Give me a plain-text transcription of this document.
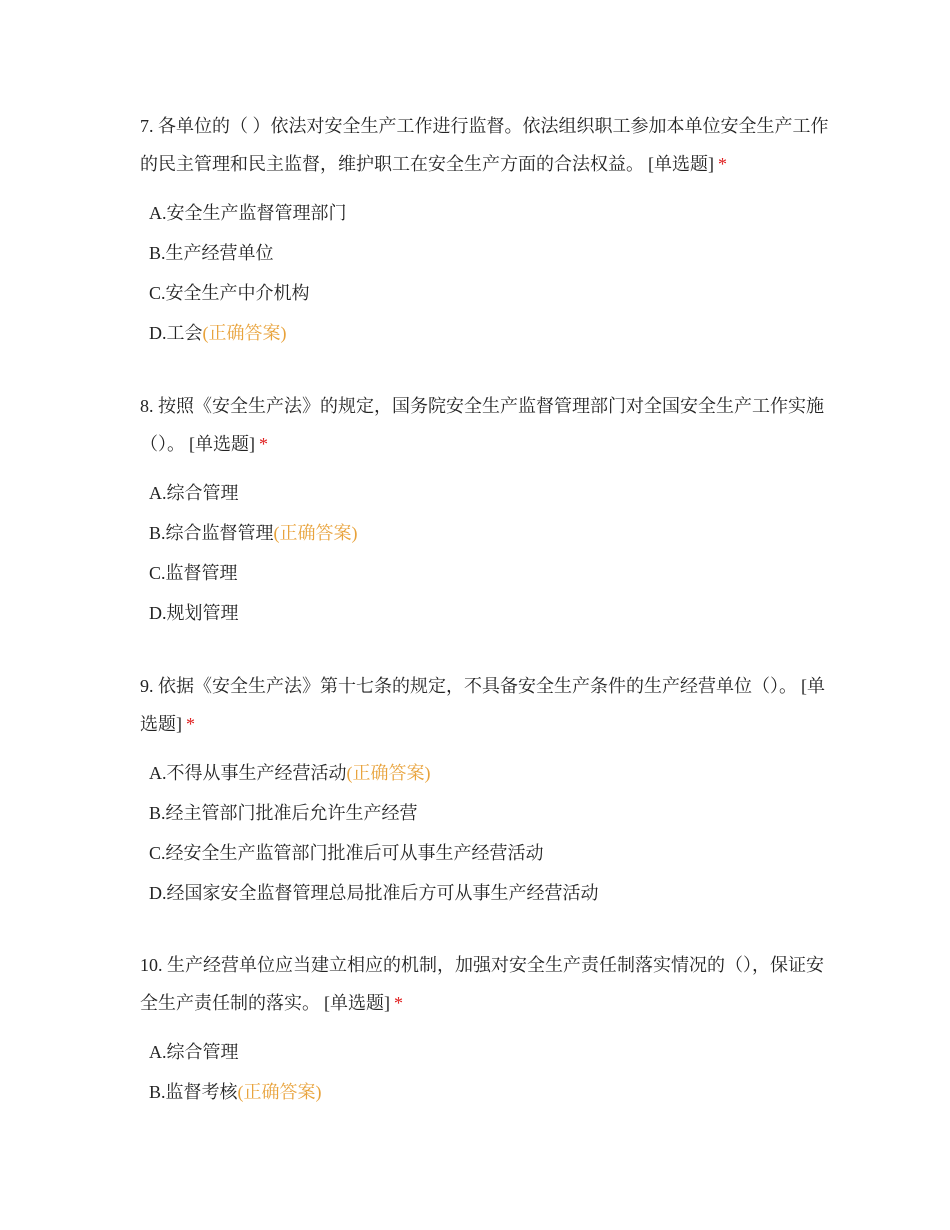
7. 各单位的（ ）依法对安全生产工作进行监督。依法组织职工参加本单位安全生产工作的民主管理和民主监督，维护职工在安全生产方面的合法权益。 [单选题] *

A.安全生产监督管理部门
B.生产经营单位
C.安全生产中介机构
D.工会(正确答案)

8. 按照《安全生产法》的规定，国务院安全生产监督管理部门对全国安全生产工作实施（）。 [单选题] *

A.综合管理
B.综合监督管理(正确答案)
C.监督管理
D.规划管理

9. 依据《安全生产法》第十七条的规定，不具备安全生产条件的生产经营单位（）。 [单选题] *

A.不得从事生产经营活动(正确答案)
B.经主管部门批准后允许生产经营
C.经安全生产监管部门批准后可从事生产经营活动
D.经国家安全监督管理总局批准后方可从事生产经营活动

10. 生产经营单位应当建立相应的机制，加强对安全生产责任制落实情况的（），保证安全生产责任制的落实。 [单选题] *

A.综合管理
B.监督考核(正确答案)
